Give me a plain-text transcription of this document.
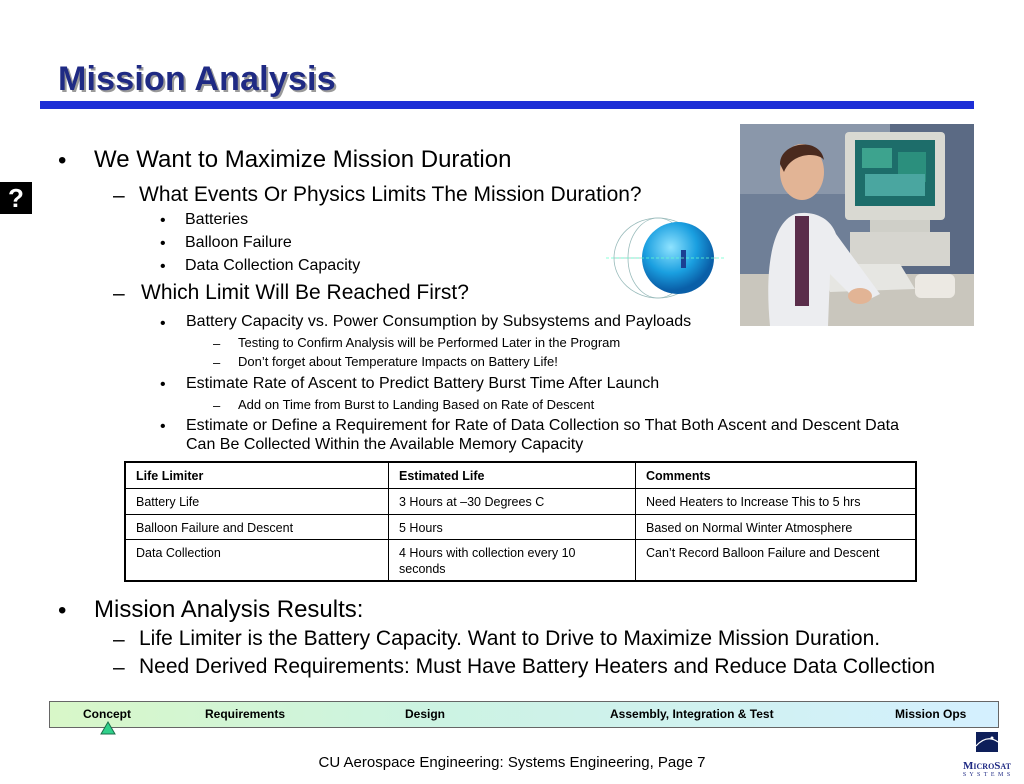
Mission Analysis
?
• We Want to Maximize Mission Duration
– What Events Or Physics Limits The Mission Duration?
• Batteries
• Balloon Failure
• Data Collection Capacity
– Which Limit Will Be Reached First?
• Battery Capacity vs. Power Consumption by Subsystems and Payloads
– Testing to Confirm Analysis will be Performed Later in the Program
– Don’t forget about Temperature Impacts on Battery Life!
• Estimate Rate of Ascent to Predict Battery Burst Time After Launch
– Add on Time from Burst to Landing Based on Rate of Descent
• Estimate or Define a Requirement for Rate of Data Collection so That Both Ascent and Descent Data
Can Be Collected Within the Available Memory Capacity
Life Limiter	Estimated Life	Comments
Battery Life	3 Hours at –30 Degrees C	Need Heaters to Increase This to 5 hrs
Balloon Failure and Descent	5 Hours	Based on Normal Winter Atmosphere
Data Collection	4 Hours with collection every 10 seconds	Can’t Record Balloon Failure and Descent
• Mission Analysis Results:
– Life Limiter is the Battery Capacity. Want to Drive to Maximize Mission Duration.
– Need Derived Requirements: Must Have Battery Heaters and Reduce Data Collection
Concept	Requirements	Design	Assembly, Integration & Test	Mission Ops
CU Aerospace Engineering: Systems Engineering, Page 7	MicroSat
S Y S T E M S
